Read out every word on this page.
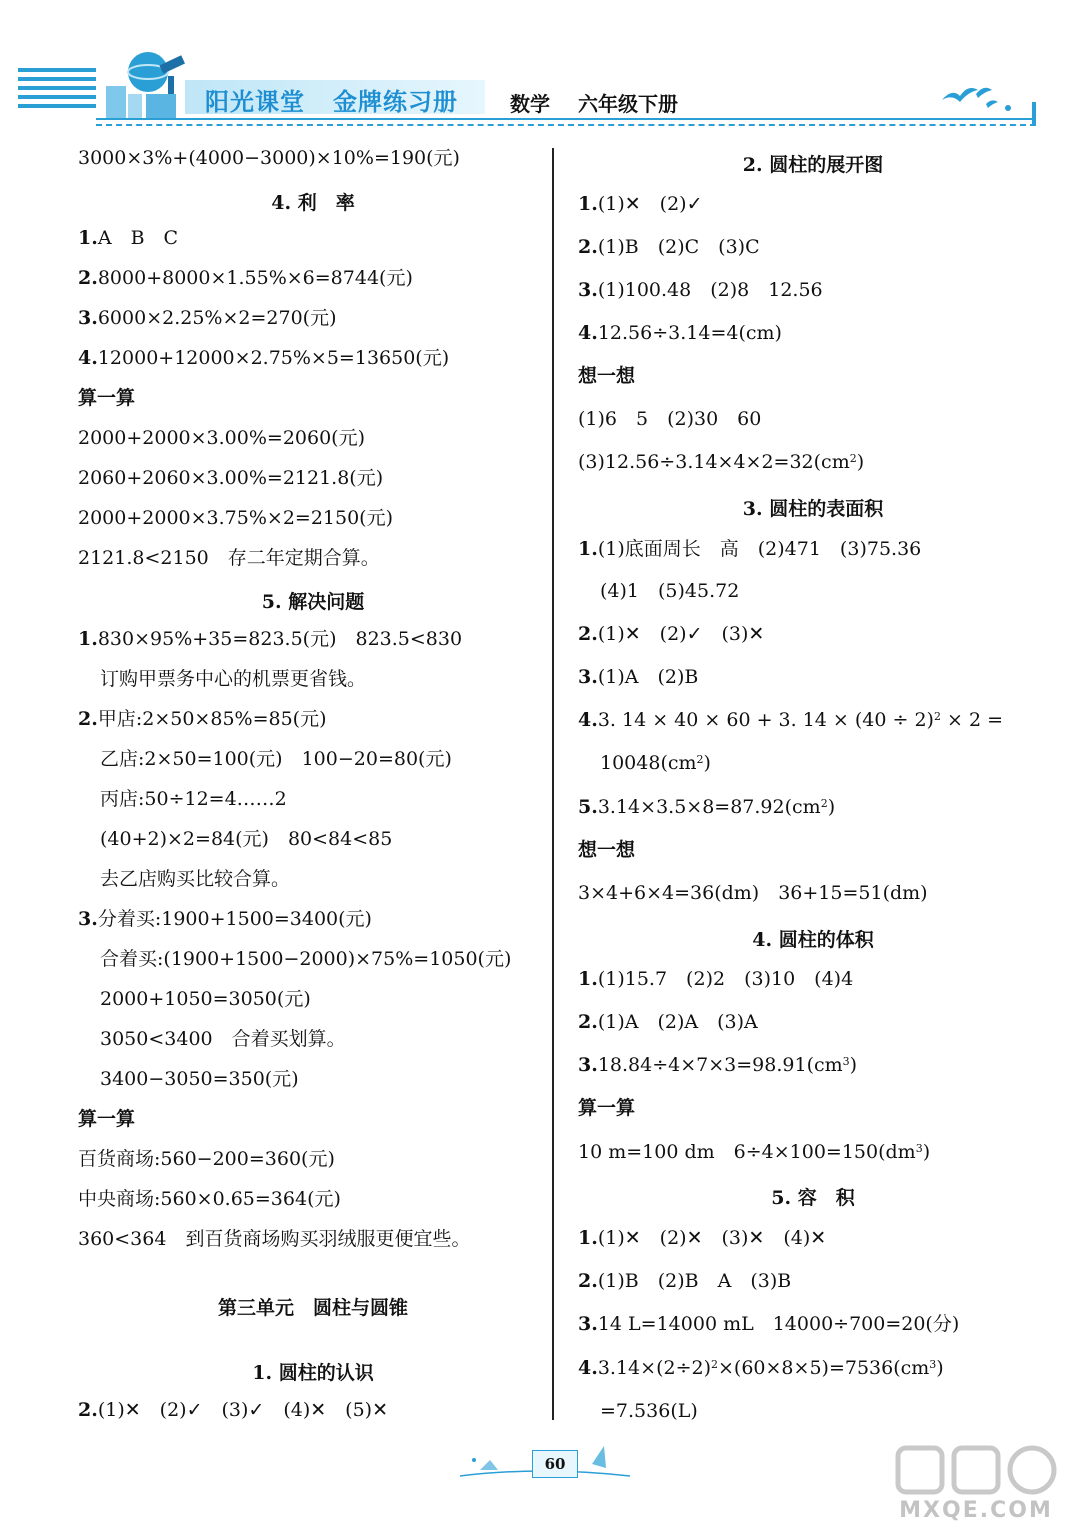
阳光课堂 金牌练习册	数学 六年级下册
3000×3%+(4000−3000)×10%=190(元)
4. 利　率
1.A　B　C
2.8000+8000×1.55%×6=8744(元)
3.6000×2.25%×2=270(元)
4.12000+12000×2.75%×5=13650(元)
算一算
2000+2000×3.00%=2060(元)
2060+2060×3.00%=2121.8(元)
2000+2000×3.75%×2=2150(元)
2121.8<2150　存二年定期合算。
5. 解决问题
1.830×95%+35=823.5(元)　823.5<830
订购甲票务中心的机票更省钱。
2.甲店:2×50×85%=85(元)
乙店:2×50=100(元)　100−20=80(元)
丙店:50÷12=4……2
(40+2)×2=84(元)　80<84<85
去乙店购买比较合算。
3.分着买:1900+1500=3400(元)
合着买:(1900+1500−2000)×75%=1050(元)
2000+1050=3050(元)
3050<3400　合着买划算。
3400−3050=350(元)
算一算
百货商场:560−200=360(元)
中央商场:560×0.65=364(元)
360<364　到百货商场购买羽绒服更便宜些。
第三单元　圆柱与圆锥
1. 圆柱的认识
2.(1)✕　(2)✓　(3)✓　(4)✕　(5)✕
2. 圆柱的展开图
1.(1)✕　(2)✓
2.(1)B　(2)C　(3)C
3.(1)100.48　(2)8　12.56
4.12.56÷3.14=4(cm)
想一想
(1)6　5　(2)30　60
$(3)12.56\div 3.14\times 4\times 2=32(cm^2)$
3. 圆柱的表面积
1.(1)底面周长　高　(2)471　(3)75.36
(4)1　(5)45.72
2.(1)✕　(2)✓　(3)✕
3.(1)A　(2)B
4.3. 14 × 40 × 60 + 3. $14 \times (40 \div 2)^2 \times 2$ =
$10048(cm^2)$
$5.3.14\times 3.5\times 8=87.92(cm^2)$
想一想
3×4+6×4=36(dm)　36+15=51(dm)
4. 圆柱的体积
1.(1)15.7　(2)2　(3)10　(4)4
2.(1)A　(2)A　(3)A
$3.18.84\div 4\times 7\times 3=98.91(cm^3)$
算一算
10 m=100 dm　$6\div 4\times 100=150(dm^3)$
5. 容　积
1.(1)✕　(2)✕　(3)✕　(4)✕
2.(1)B　(2)B　A　(3)B
3.14 L=14000 mL　14000÷700=20(分)
$4.3.14\times(2\div 2)^2\times(60\times 8\times 5)=7536(cm^3)$
=7.536(L)
60
MXQE.COM
